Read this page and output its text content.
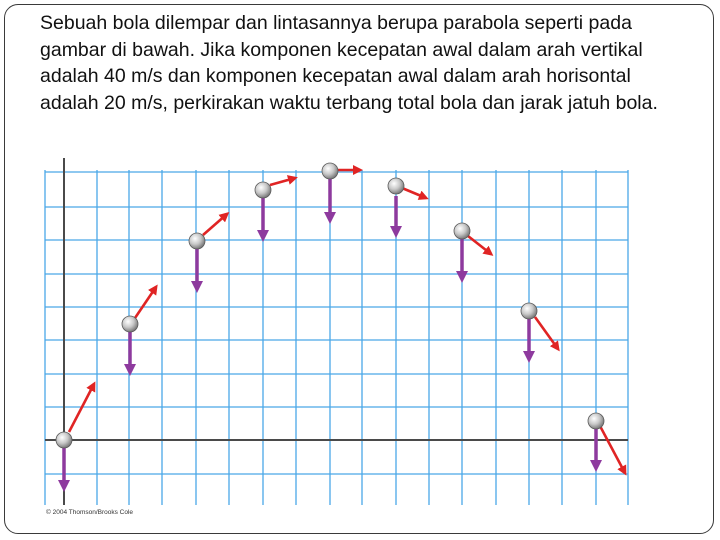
Sebuah bola dilempar dan lintasannya berupa parabola seperti pada gambar di bawah. Jika komponen kecepatan awal dalam arah vertikal adalah 40 m/s dan komponen kecepatan awal dalam arah horisontal adalah 20 m/s, perkirakan waktu terbang total bola dan jarak jatuh bola.

© 2004 Thomson/Brooks Cole
